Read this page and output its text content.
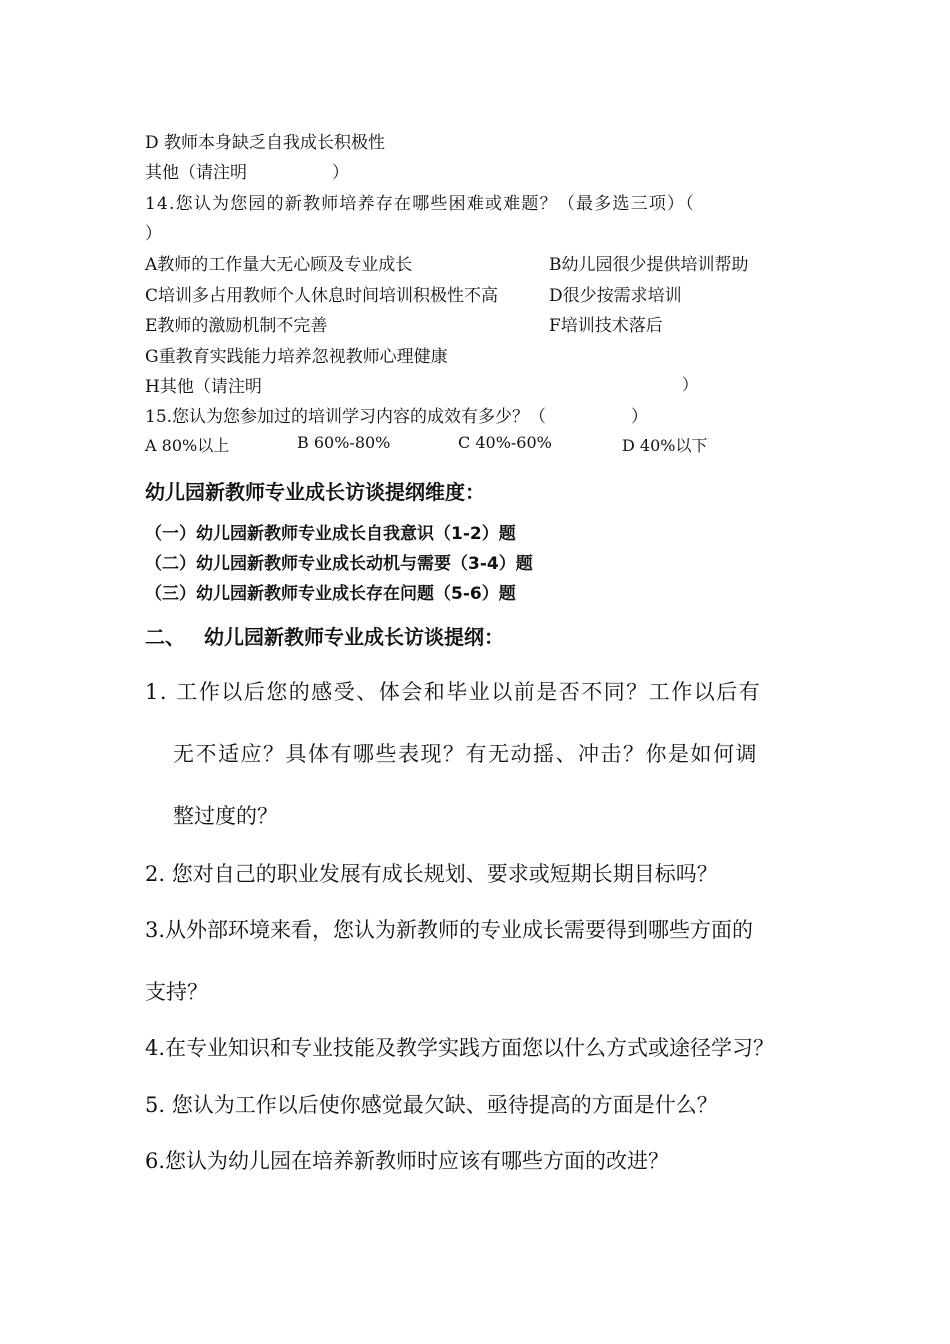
D 教师本身缺乏自我成长积极性
其他（请注明　　　　　）
14.您认为您园的新教师培养存在哪些困难或难题？（最多选三项）（
）
A教师的工作量大无心顾及专业成长	B幼儿园很少提供培训帮助
C培训多占用教师个人休息时间培训积极性不高	D很少按需求培训
E教师的激励机制不完善	F培训技术落后
G重教育实践能力培养忽视教师心理健康
H其他（请注明	）
15.您认为您参加过的培训学习内容的成效有多少？（　　　　　）
A 80%以上	B 60%-80%	C 40%-60%	D 40%以下
幼儿园新教师专业成长访谈提纲维度：
（一）幼儿园新教师专业成长自我意识（1-2）题
（二）幼儿园新教师专业成长动机与需要（3-4）题
（三）幼儿园新教师专业成长存在问题（5-6）题
二、 幼儿园新教师专业成长访谈提纲：
1. 工作以后您的感受、体会和毕业以前是否不同？工作以后有
无不适应？具体有哪些表现？有无动摇、冲击？你是如何调
整过度的？
2. 您对自己的职业发展有成长规划、要求或短期长期目标吗？
3.从外部环境来看，您认为新教师的专业成长需要得到哪些方面的
支持？
4.在专业知识和专业技能及教学实践方面您以什么方式或途径学习？
5. 您认为工作以后使你感觉最欠缺、亟待提高的方面是什么？
6.您认为幼儿园在培养新教师时应该有哪些方面的改进？
